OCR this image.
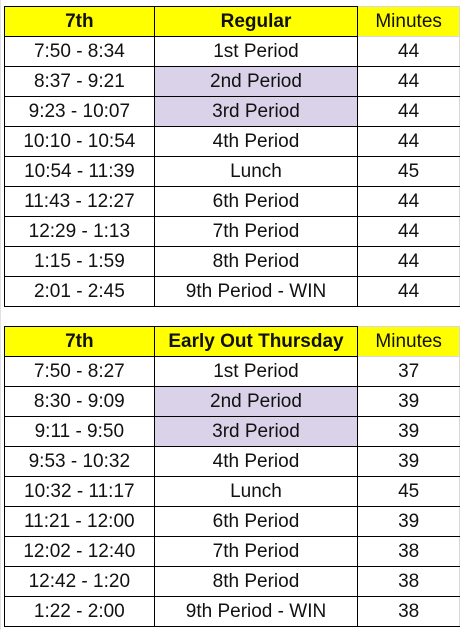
7th	Regular	Minutes
7:50 - 8:34	1st Period	44
8:37 - 9:21	2nd Period	44
9:23 - 10:07	3rd Period	44
10:10 - 10:54	4th Period	44
10:54 - 11:39	Lunch	45
11:43 - 12:27	6th Period	44
12:29 - 1:13	7th Period	44
1:15 - 1:59	8th Period	44
2:01 - 2:45	9th Period - WIN	44
7th	Early Out Thursday	Minutes
7:50 - 8:27	1st Period	37
8:30 - 9:09	2nd Period	39
9:11 - 9:50	3rd Period	39
9:53 - 10:32	4th Period	39
10:32 - 11:17	Lunch	45
11:21 - 12:00	6th Period	39
12:02 - 12:40	7th Period	38
12:42 - 1:20	8th Period	38
1:22 - 2:00	9th Period - WIN	38
